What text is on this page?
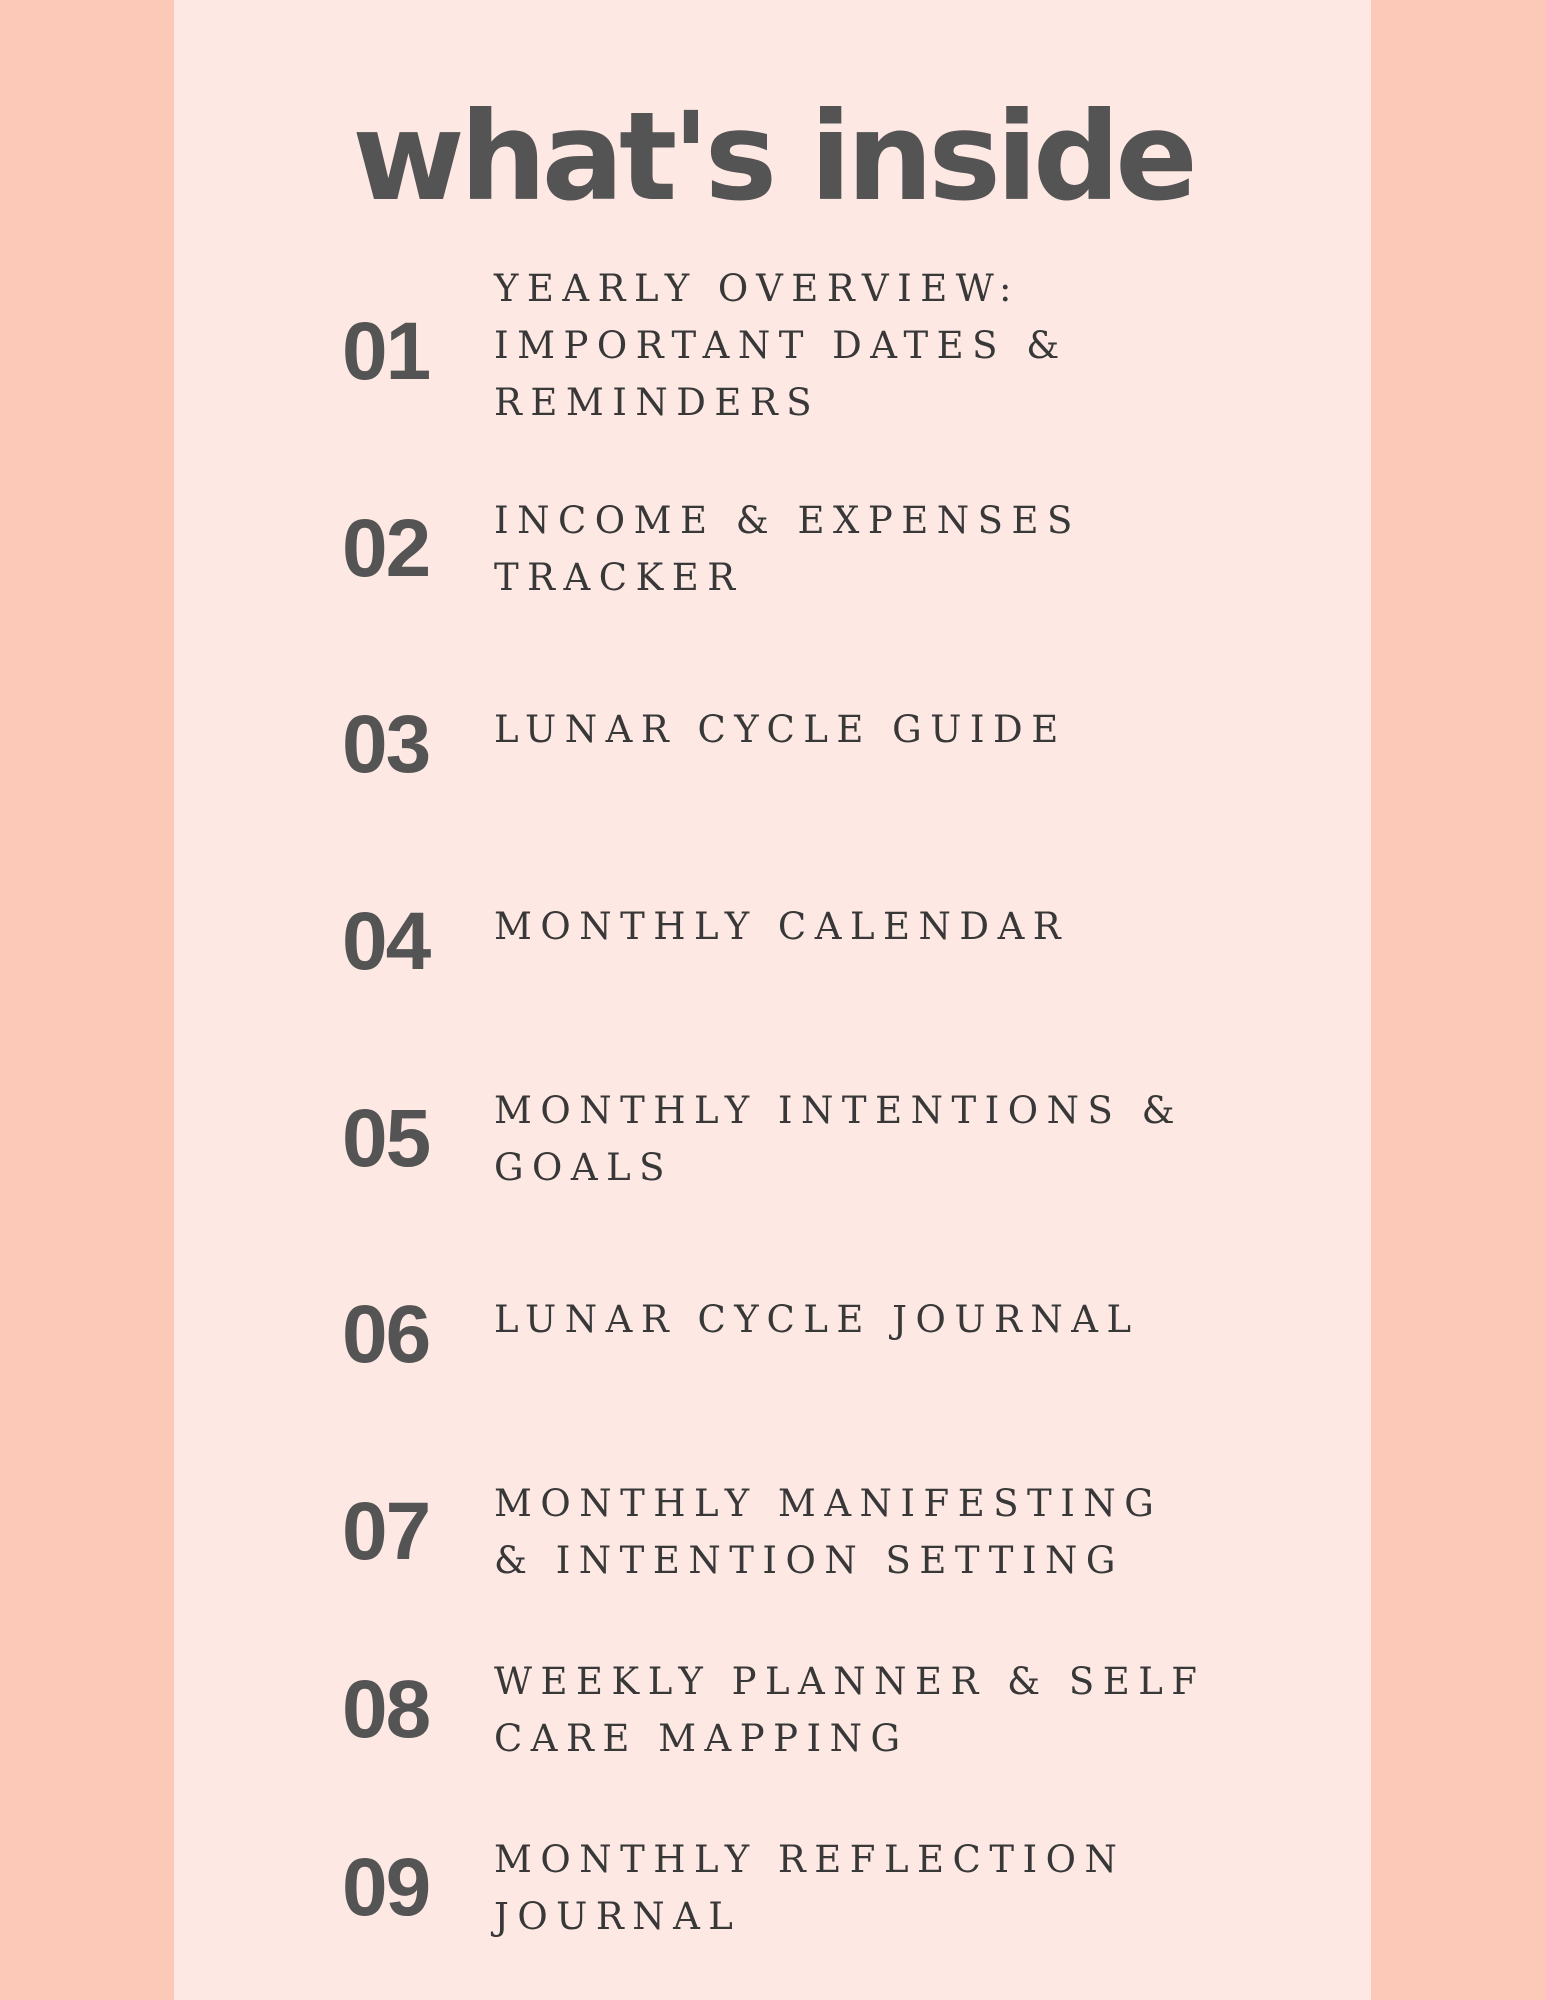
what's inside
01
YEARLY OVERVIEW:
IMPORTANT DATES &
REMINDERS
02 INCOME & EXPENSES
TRACKER
03 LUNAR CYCLE GUIDE
04 MONTHLY CALENDAR
05 MONTHLY INTENTIONS &
GOALS
06 LUNAR CYCLE JOURNAL
07 MONTHLY MANIFESTING
& INTENTION SETTING
08 WEEKLY PLANNER & SELF
CARE MAPPING
09 MONTHLY REFLECTION
JOURNAL
